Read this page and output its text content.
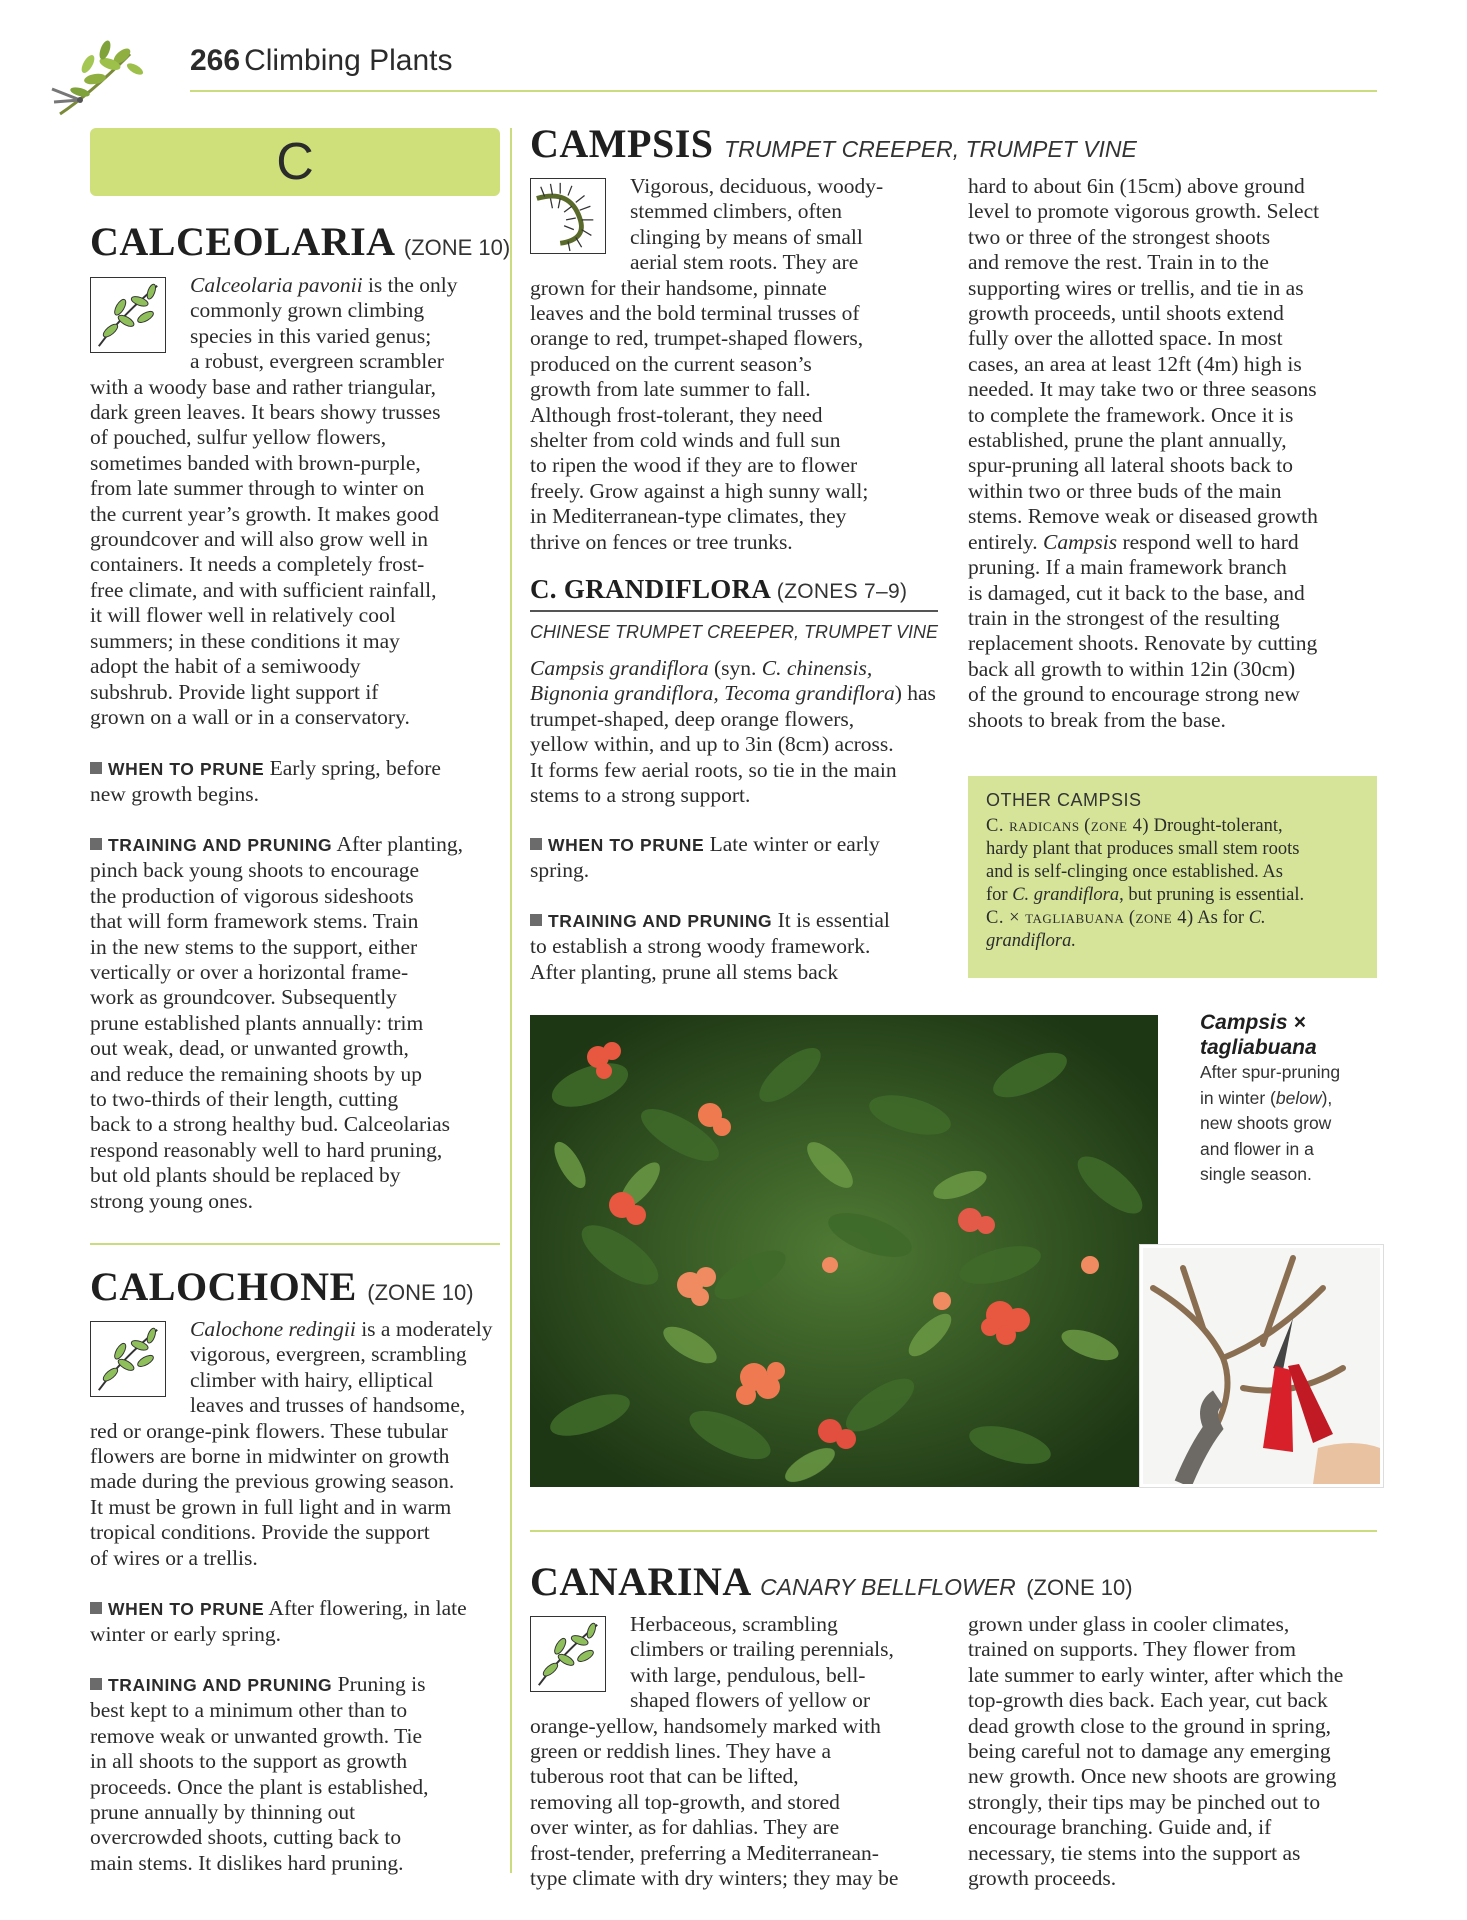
266 Climbing Plants
C
CALCEOLARIA (ZONE 10)
Calceolaria pavonii is the only
commonly grown climbing
species in this varied genus;
a robust, evergreen scrambler
with a woody base and rather triangular,
dark green leaves. It bears showy trusses
of pouched, sulfur yellow flowers,
sometimes banded with brown-purple,
from late summer through to winter on
the current year’s growth. It makes good
groundcover and will also grow well in
containers. It needs a completely frost-
free climate, and with sufficient rainfall,
it will flower well in relatively cool
summers; in these conditions it may
adopt the habit of a semiwoody
subshrub. Provide light support if
grown on a wall or in a conservatory.
WHEN TO PRUNE Early spring, before
new growth begins.
TRAINING AND PRUNING After planting,
pinch back young shoots to encourage
the production of vigorous sideshoots
that will form framework stems. Train
in the new stems to the support, either
vertically or over a horizontal frame-
work as groundcover. Subsequently
prune established plants annually: trim
out weak, dead, or unwanted growth,
and reduce the remaining shoots by up
to two-thirds of their length, cutting
back to a strong healthy bud. Calceolarias
respond reasonably well to hard pruning,
but old plants should be replaced by
strong young ones.
CALOCHONE (ZONE 10)
Calochone redingii is a moderately
vigorous, evergreen, scrambling
climber with hairy, elliptical
leaves and trusses of handsome,
red or orange-pink flowers. These tubular
flowers are borne in midwinter on growth
made during the previous growing season.
It must be grown in full light and in warm
tropical conditions. Provide the support
of wires or a trellis.
WHEN TO PRUNE After flowering, in late
winter or early spring.
TRAINING AND PRUNING Pruning is
best kept to a minimum other than to
remove weak or unwanted growth. Tie
in all shoots to the support as growth
proceeds. Once the plant is established,
prune annually by thinning out
overcrowded shoots, cutting back to
main stems. It dislikes hard pruning.
CAMPSIS TRUMPET CREEPER, TRUMPET VINE
Vigorous, deciduous, woody-
stemmed climbers, often
clinging by means of small
aerial stem roots. They are
grown for their handsome, pinnate
leaves and the bold terminal trusses of
orange to red, trumpet-shaped flowers,
produced on the current season’s
growth from late summer to fall.
Although frost-tolerant, they need
shelter from cold winds and full sun
to ripen the wood if they are to flower
freely. Grow against a high sunny wall;
in Mediterranean-type climates, they
thrive on fences or tree trunks.
C. GRANDIFLORA (ZONES 7–9)
CHINESE TRUMPET CREEPER, TRUMPET VINE
Campsis grandiflora (syn. C. chinensis,
Bignonia grandiflora, Tecoma grandiflora) has
trumpet-shaped, deep orange flowers,
yellow within, and up to 3in (8cm) across.
It forms few aerial roots, so tie in the main
stems to a strong support.
WHEN TO PRUNE Late winter or early
spring.
TRAINING AND PRUNING It is essential
to establish a strong woody framework.
After planting, prune all stems back
hard to about 6in (15cm) above ground
level to promote vigorous growth. Select
two or three of the strongest shoots
and remove the rest. Train in to the
supporting wires or trellis, and tie in as
growth proceeds, until shoots extend
fully over the allotted space. In most
cases, an area at least 12ft (4m) high is
needed. It may take two or three seasons
to complete the framework. Once it is
established, prune the plant annually,
spur-pruning all lateral shoots back to
within two or three buds of the main
stems. Remove weak or diseased growth
entirely. Campsis respond well to hard
pruning. If a main framework branch
is damaged, cut it back to the base, and
train in the strongest of the resulting
replacement shoots. Renovate by cutting
back all growth to within 12in (30cm)
of the ground to encourage strong new
shoots to break from the base.
OTHER CAMPSIS
C. radicans (zone 4) Drought-tolerant,
hardy plant that produces small stem roots
and is self-clinging once established. As
for C. grandiflora, but pruning is essential.
C. × tagliabuana (zone 4) As for C.
grandiflora.
Campsis ×
tagliabuana
After spur-pruning
in winter (below),
new shoots grow
and flower in a
single season.
CANARINA CANARY BELLFLOWER (ZONE 10)
Herbaceous, scrambling
climbers or trailing perennials,
with large, pendulous, bell-
shaped flowers of yellow or
orange-yellow, handsomely marked with
green or reddish lines. They have a
tuberous root that can be lifted,
removing all top-growth, and stored
over winter, as for dahlias. They are
frost-tender, preferring a Mediterranean-
type climate with dry winters; they may be
grown under glass in cooler climates,
trained on supports. They flower from
late summer to early winter, after which the
top-growth dies back. Each year, cut back
dead growth close to the ground in spring,
being careful not to damage any emerging
new growth. Once new shoots are growing
strongly, their tips may be pinched out to
encourage branching. Guide and, if
necessary, tie stems into the support as
growth proceeds.
